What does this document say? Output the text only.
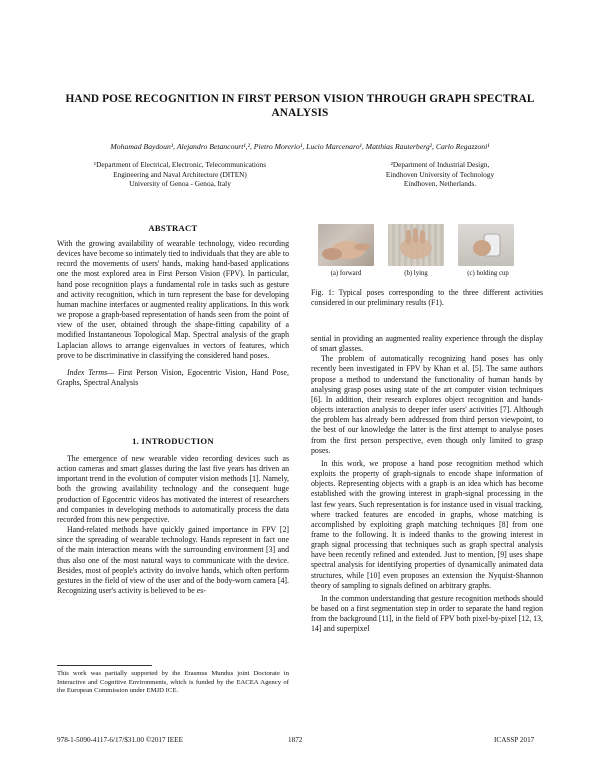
HAND POSE RECOGNITION IN FIRST PERSON VISION THROUGH GRAPH SPECTRAL ANALYSIS
Mohamad Baydoun¹, Alejandro Betancourt¹,², Pietro Morerio¹, Lucio Marcenaro¹, Matthias Rauterberg², Carlo Regazzoni¹
¹Department of Electrical, Electronic, Telecommunications
Engineering and Naval Architecture (DITEN)
University of Genoa - Genoa, Italy
²Department of Industrial Design,
Eindhoven University of Technology
Eindhoven, Netherlands.
ABSTRACT

With the growing availability of wearable technology, video recording devices have become so intimately tied to individuals that they are able to record the movements of users' hands, making hand-based applications one the most explored area in First Person Vision (FPV). In particular, hand pose recognition plays a fundamental role in tasks such as gesture and activity recognition, which in turn represent the base for developing human machine interfaces or augmented reality applications. In this work we propose a graph-based representation of hands seen from the point of view of the user, obtained through the shape-fitting capability of a modified Instantaneous Topological Map. Spectral analysis of the graph Laplacian allows to arrange eigenvalues in vectors of features, which prove to be discriminative in classifying the considered hand poses.

Index Terms— First Person Vision, Egocentric Vision, Hand Pose, Graphs, Spectral Analysis

1. INTRODUCTION

The emergence of new wearable video recording devices such as action cameras and smart glasses during the last five years has driven an important trend in the evolution of computer vision methods [1]. Namely, both the growing availability technology and the consequent huge production of Egocentric videos has motivated the interest of researchers and companies in developing methods to automatically process the data recorded from this new perspective.

Hand-related methods have quickly gained importance in FPV [2] since the spreading of wearable technology. Hands represent in fact one of the main interaction means with the surrounding environment [3] and thus also one of the most natural ways to communicate with the device. Besides, most of people's activity do involve hands, which often perform gestures in the field of view of the user and of the body-worn camera [4]. Recognizing user's activity is believed to be es-

This work was partially supported by the Erasmus Mundus joint Doctorate in Interactive and Cognitive Environments, which is funded by the EACEA Agency of the European Commission under EMJD ICE.
(a) forward	(b) lying	(c) holding cup
Fig. 1: Typical poses corresponding to the three different activities considered in our preliminary results (F1).

sential in providing an augmented reality experience through the display of smart glasses.

The problem of automatically recognizing hand poses has only recently been investigated in FPV by Khan et al. [5]. The same authors propose a method to understand the functionality of human hands by analysing grasp poses using state of the art computer vision techniques [6]. In addition, their research explores object recognition and hands-objects interaction analysis to deeper infer users' activities [7]. Although the problem has already been addressed from third person viewpoint, to the best of our knowledge the latter is the first attempt to analyse poses from the first person perspective, even though only limited to grasp poses.

In this work, we propose a hand pose recognition method which exploits the property of graph-signals to encode shape information of objects. Representing objects with a graph is an idea which has become established with the growing interest in graph-signal processing in the last few years. Such representation is for instance used in visual tracking, where tracked features are encoded in graphs, whose matching is accomplished by exploiting graph matching techniques [8] from one frame to the following. It is indeed thanks to the growing interest in graph signal processing that techniques such as graph spectral analysis have been recently refined and extended. Just to mention, [9] uses shape spectral analysis for identifying properties of dynamically animated data structures, while [10] even proposes an extension the Nyquist-Shannon theory of sampling to signals defined on arbitrary graphs.

In the common understanding that gesture recognition methods should be based on a first segmentation step in order to separate the hand region from the background [11], in the field of FPV both pixel-by-pixel [12, 13, 14] and superpixel

978-1-5090-4117-6/17/$31.00 ©2017 IEEE	1872	ICASSP 2017
